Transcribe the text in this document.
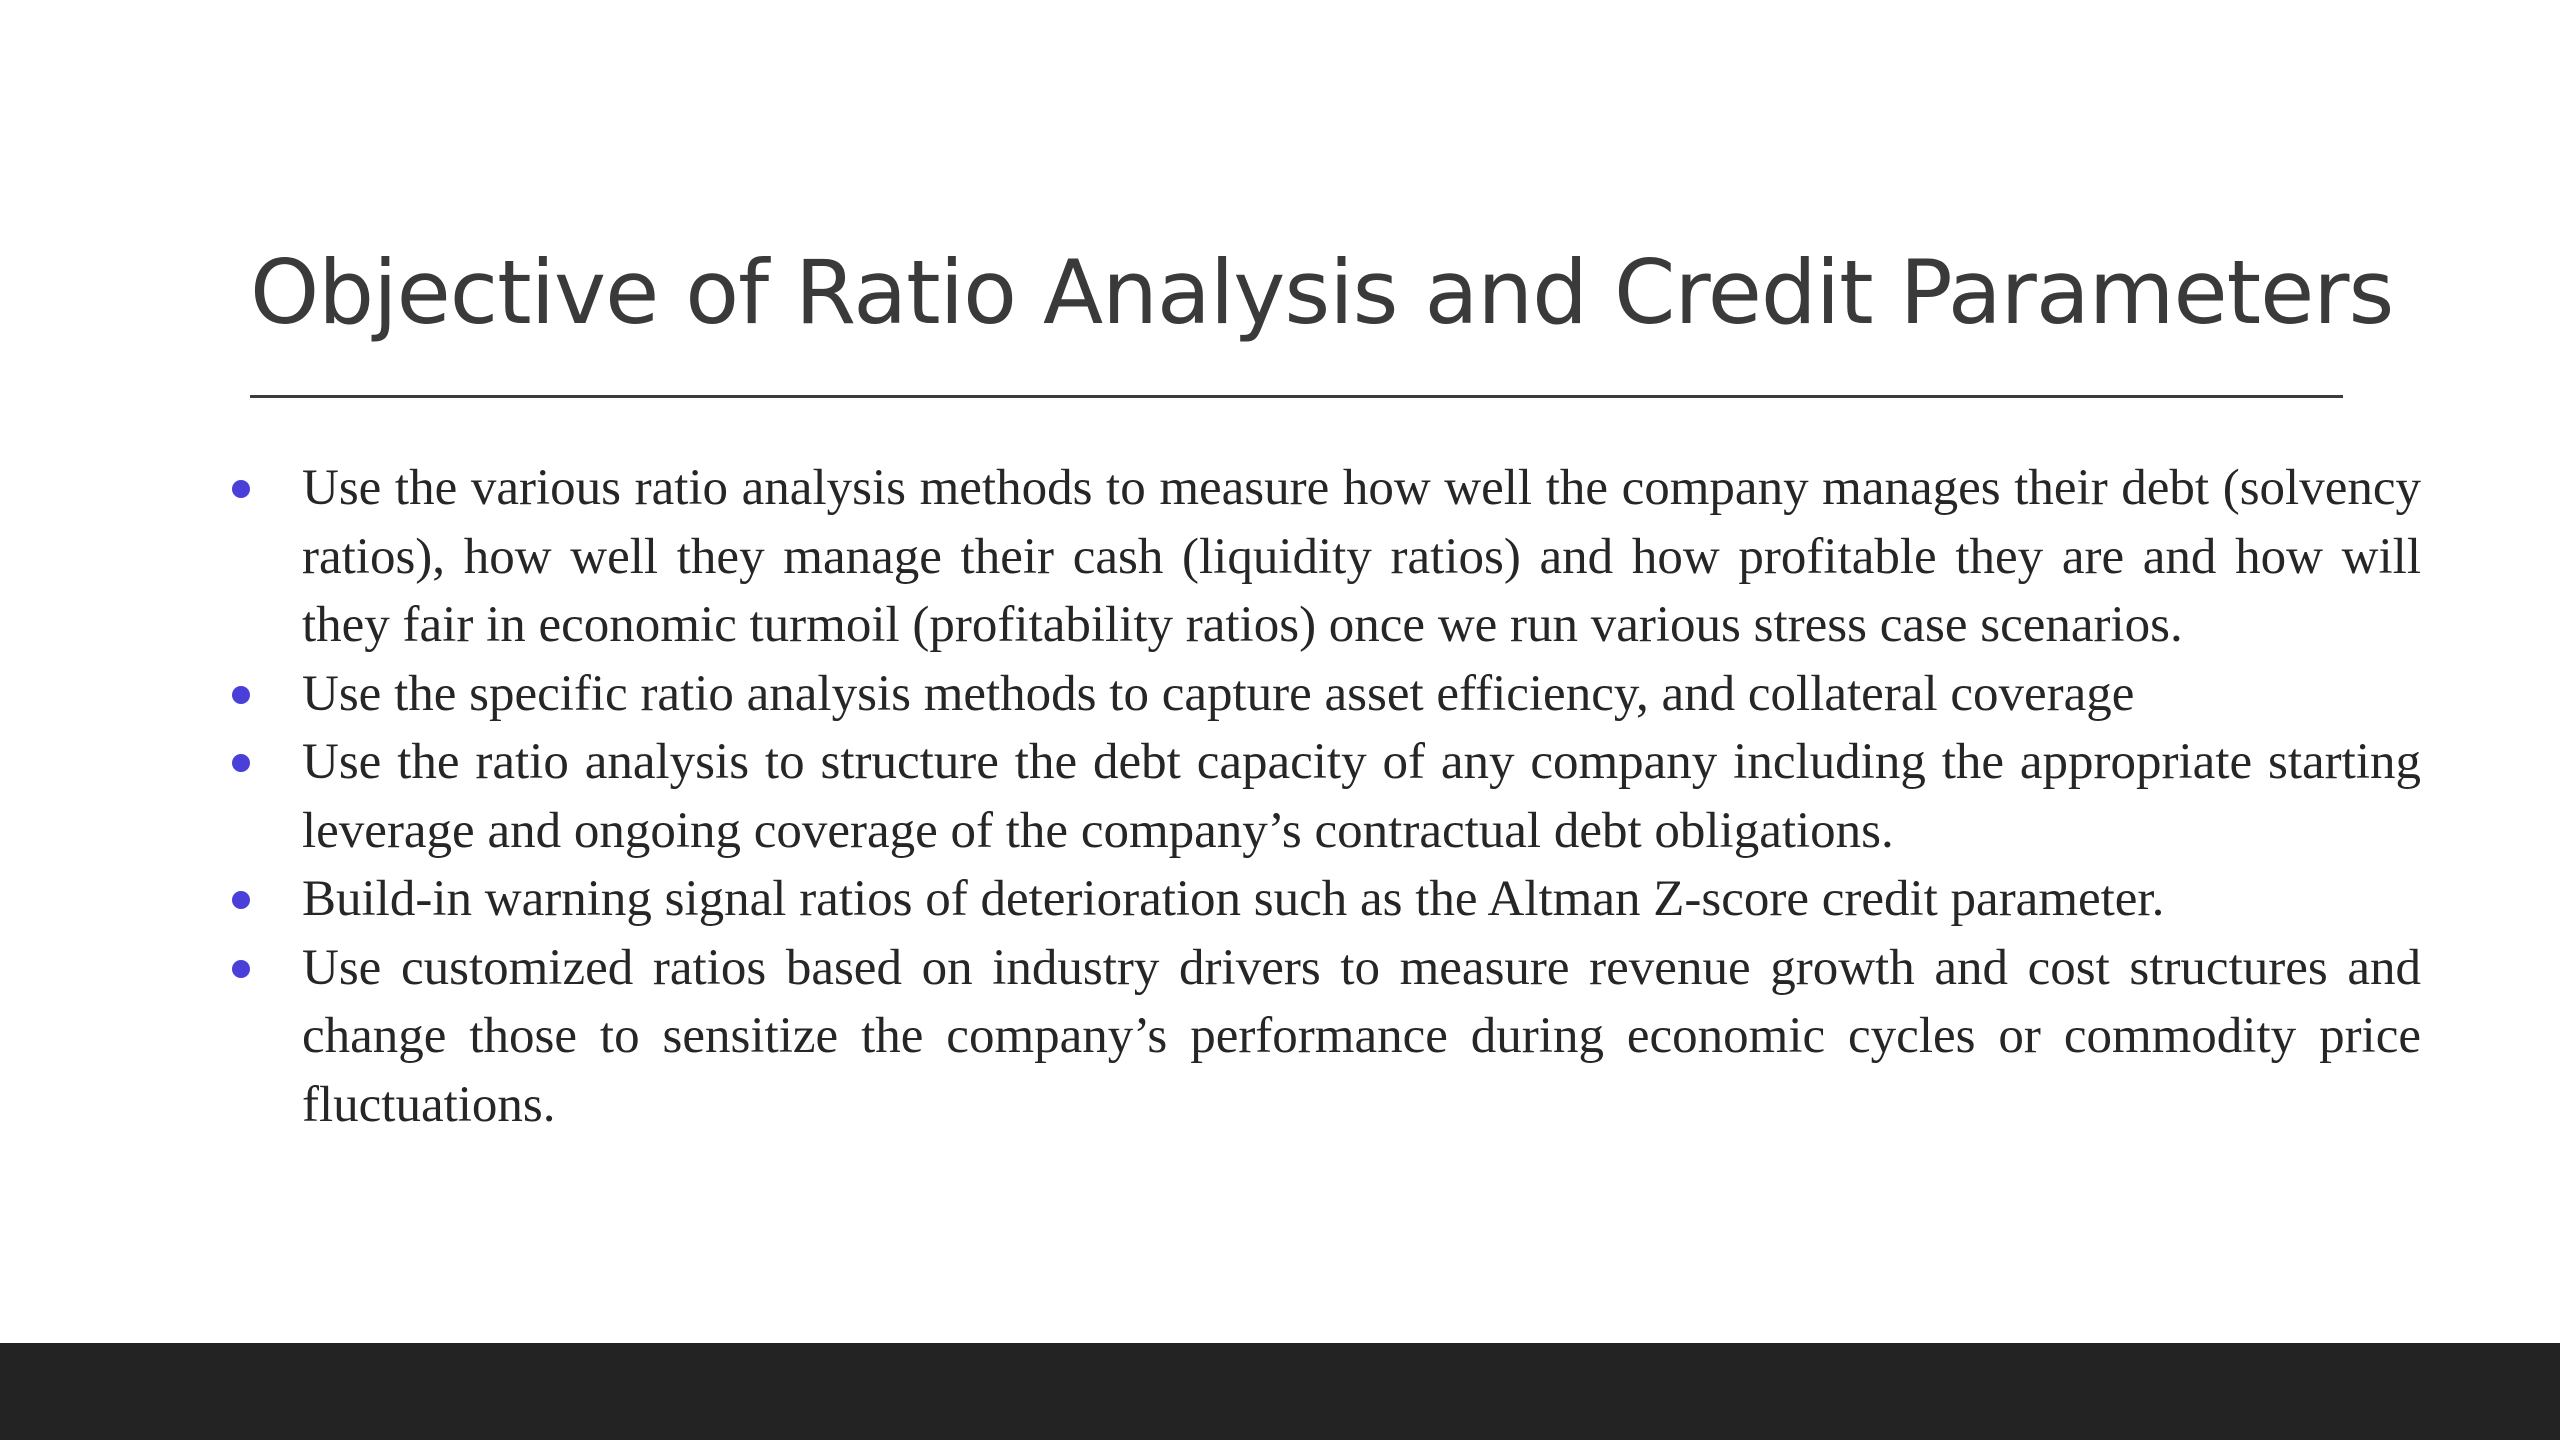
Objective of Ratio Analysis and Credit Parameters
Use the various ratio analysis methods to measure how well the company manages their debt (solvency ratios), how well they manage their cash (liquidity ratios) and how profitable they are and how will they fair in economic turmoil (profitability ratios) once we run various stress case scenarios.
Use the specific ratio analysis methods to capture asset efficiency, and collateral coverage
Use the ratio analysis to structure the debt capacity of any company including the appropriate starting leverage and ongoing coverage of the company’s contractual debt obligations.
Build-in warning signal ratios of deterioration such as the Altman Z-score credit parameter.
Use customized ratios based on industry drivers to measure revenue growth and cost structures and change those to sensitize the company’s performance during economic cycles or commodity price fluctuations.
